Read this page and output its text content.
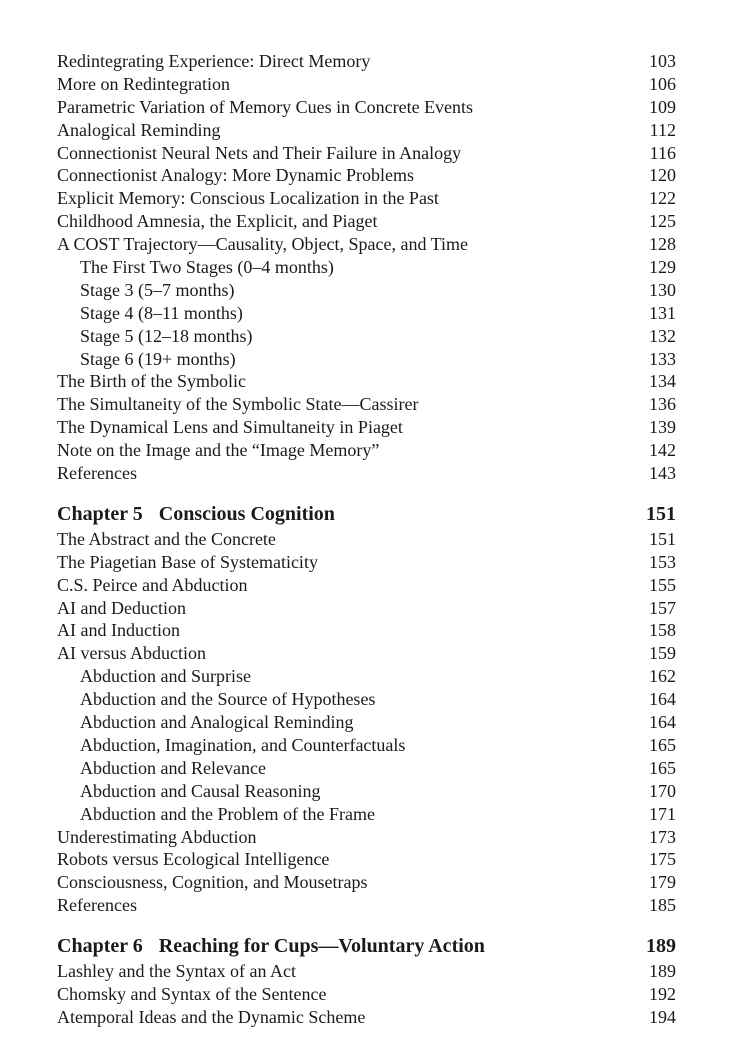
Redintegrating Experience: Direct Memory	103
More on Redintegration	106
Parametric Variation of Memory Cues in Concrete Events	109
Analogical Reminding	112
Connectionist Neural Nets and Their Failure in Analogy	116
Connectionist Analogy: More Dynamic Problems	120
Explicit Memory: Conscious Localization in the Past	122
Childhood Amnesia, the Explicit, and Piaget	125
A COST Trajectory—Causality, Object, Space, and Time	128
The First Two Stages (0–4 months)	129
Stage 3 (5–7 months)	130
Stage 4 (8–11 months)	131
Stage 5 (12–18 months)	132
Stage 6 (19+ months)	133
The Birth of the Symbolic	134
The Simultaneity of the Symbolic State—Cassirer	136
The Dynamical Lens and Simultaneity in Piaget	139
Note on the Image and the “Image Memory”	142
References	143
Chapter 5 Conscious Cognition	151
The Abstract and the Concrete	151
The Piagetian Base of Systematicity	153
C.S. Peirce and Abduction	155
AI and Deduction	157
AI and Induction	158
AI versus Abduction	159
Abduction and Surprise	162
Abduction and the Source of Hypotheses	164
Abduction and Analogical Reminding	164
Abduction, Imagination, and Counterfactuals	165
Abduction and Relevance	165
Abduction and Causal Reasoning	170
Abduction and the Problem of the Frame	171
Underestimating Abduction	173
Robots versus Ecological Intelligence	175
Consciousness, Cognition, and Mousetraps	179
References	185
Chapter 6 Reaching for Cups—Voluntary Action	189
Lashley and the Syntax of an Act	189
Chomsky and Syntax of the Sentence	192
Atemporal Ideas and the Dynamic Scheme	194
